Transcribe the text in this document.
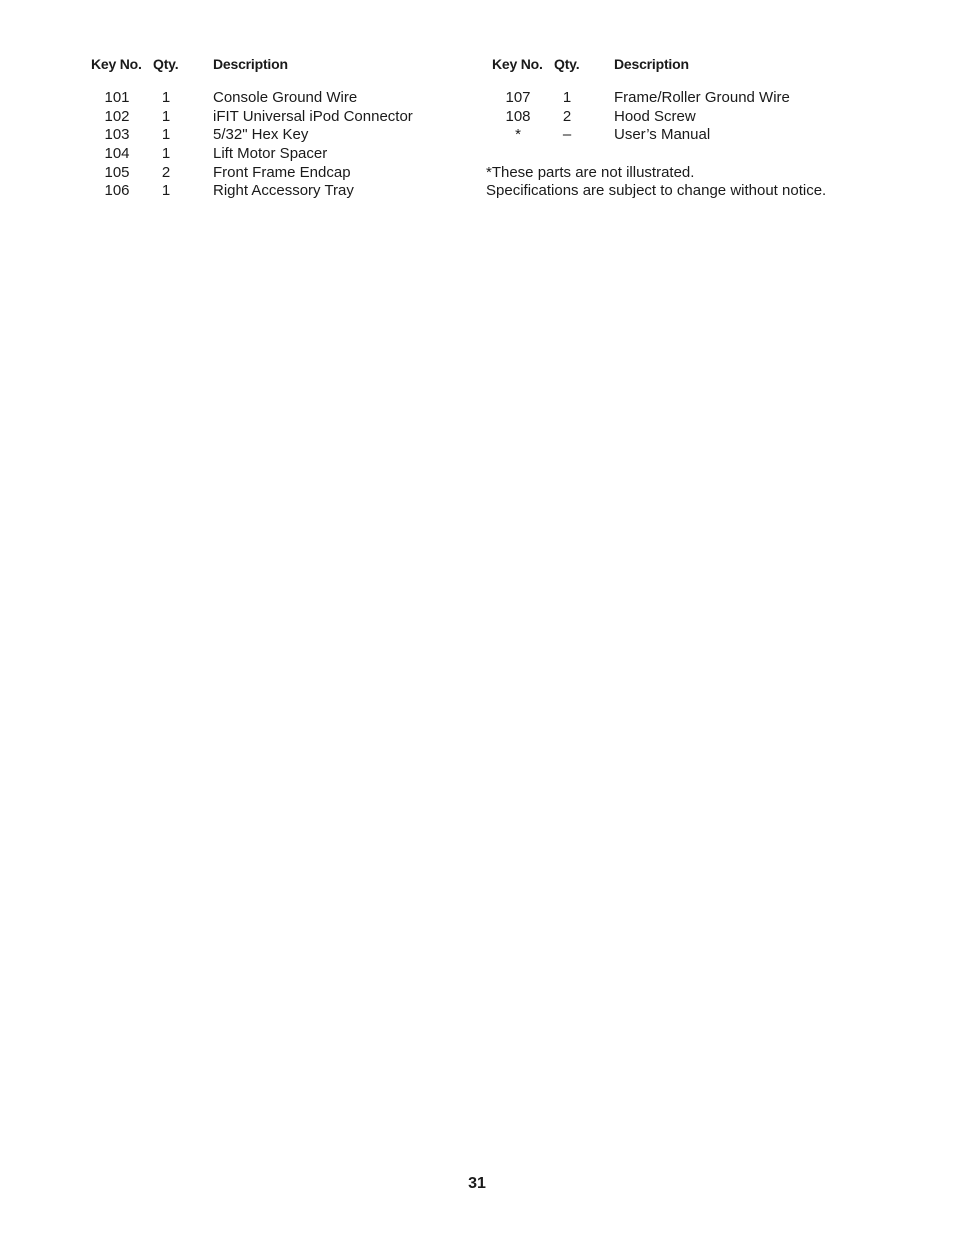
Key No. Qty. Description	Key No. Qty. Description
101	1	Console Ground Wire
102	1	iFIT Universal iPod Connector
103	1	5/32" Hex Key
104	1	Lift Motor Spacer
105	2	Front Frame Endcap
106	1	Right Accessory Tray
107	1	Frame/Roller Ground Wire
108	2	Hood Screw
*	–	User’s Manual
*These parts are not illustrated.
Specifications are subject to change without notice.
31
